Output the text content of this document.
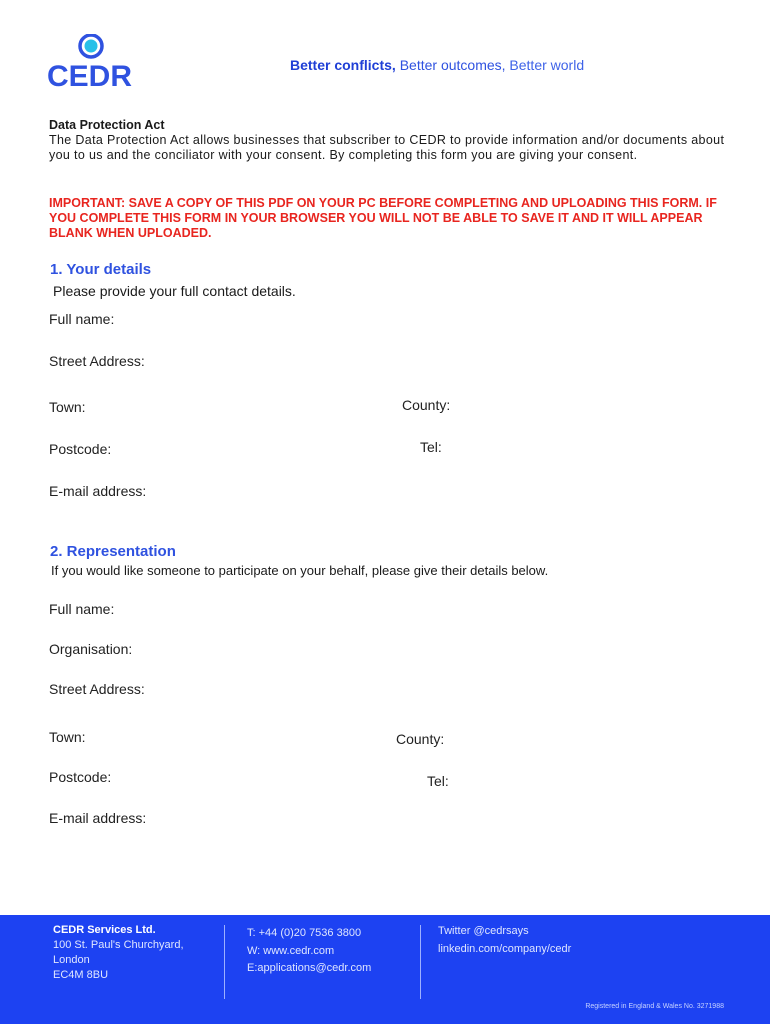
CEDR	Better conflicts, Better outcomes, Better world
Data Protection Act
The Data Protection Act allows businesses that subscriber to CEDR to provide information and/or documents about you to us and the conciliator with your consent. By completing this form you are giving your consent.
IMPORTANT: SAVE A COPY OF THIS PDF ON YOUR PC BEFORE COMPLETING AND UPLOADING THIS FORM. IF YOU COMPLETE THIS FORM IN YOUR BROWSER YOU WILL NOT BE ABLE TO SAVE IT AND IT WILL APPEAR BLANK WHEN UPLOADED.
1. Your details
Please provide your full contact details.
Full name:
Street Address:
Town:	County:
Postcode:	Tel:
E-mail address:
2. Representation
If you would like someone to participate on your behalf, please give their details below.
Full name:
Organisation:
Street Address:
Town:	County:
Postcode:	Tel:
E-mail address:
CEDR Services Ltd.
100 St. Paul's Churchyard,
London
EC4M 8BU
T: +44 (0)20 7536 3800
W: www.cedr.com
E:applications@cedr.com
Twitter @cedrsays
linkedin.com/company/cedr
Registered in England & Wales No. 3271988
